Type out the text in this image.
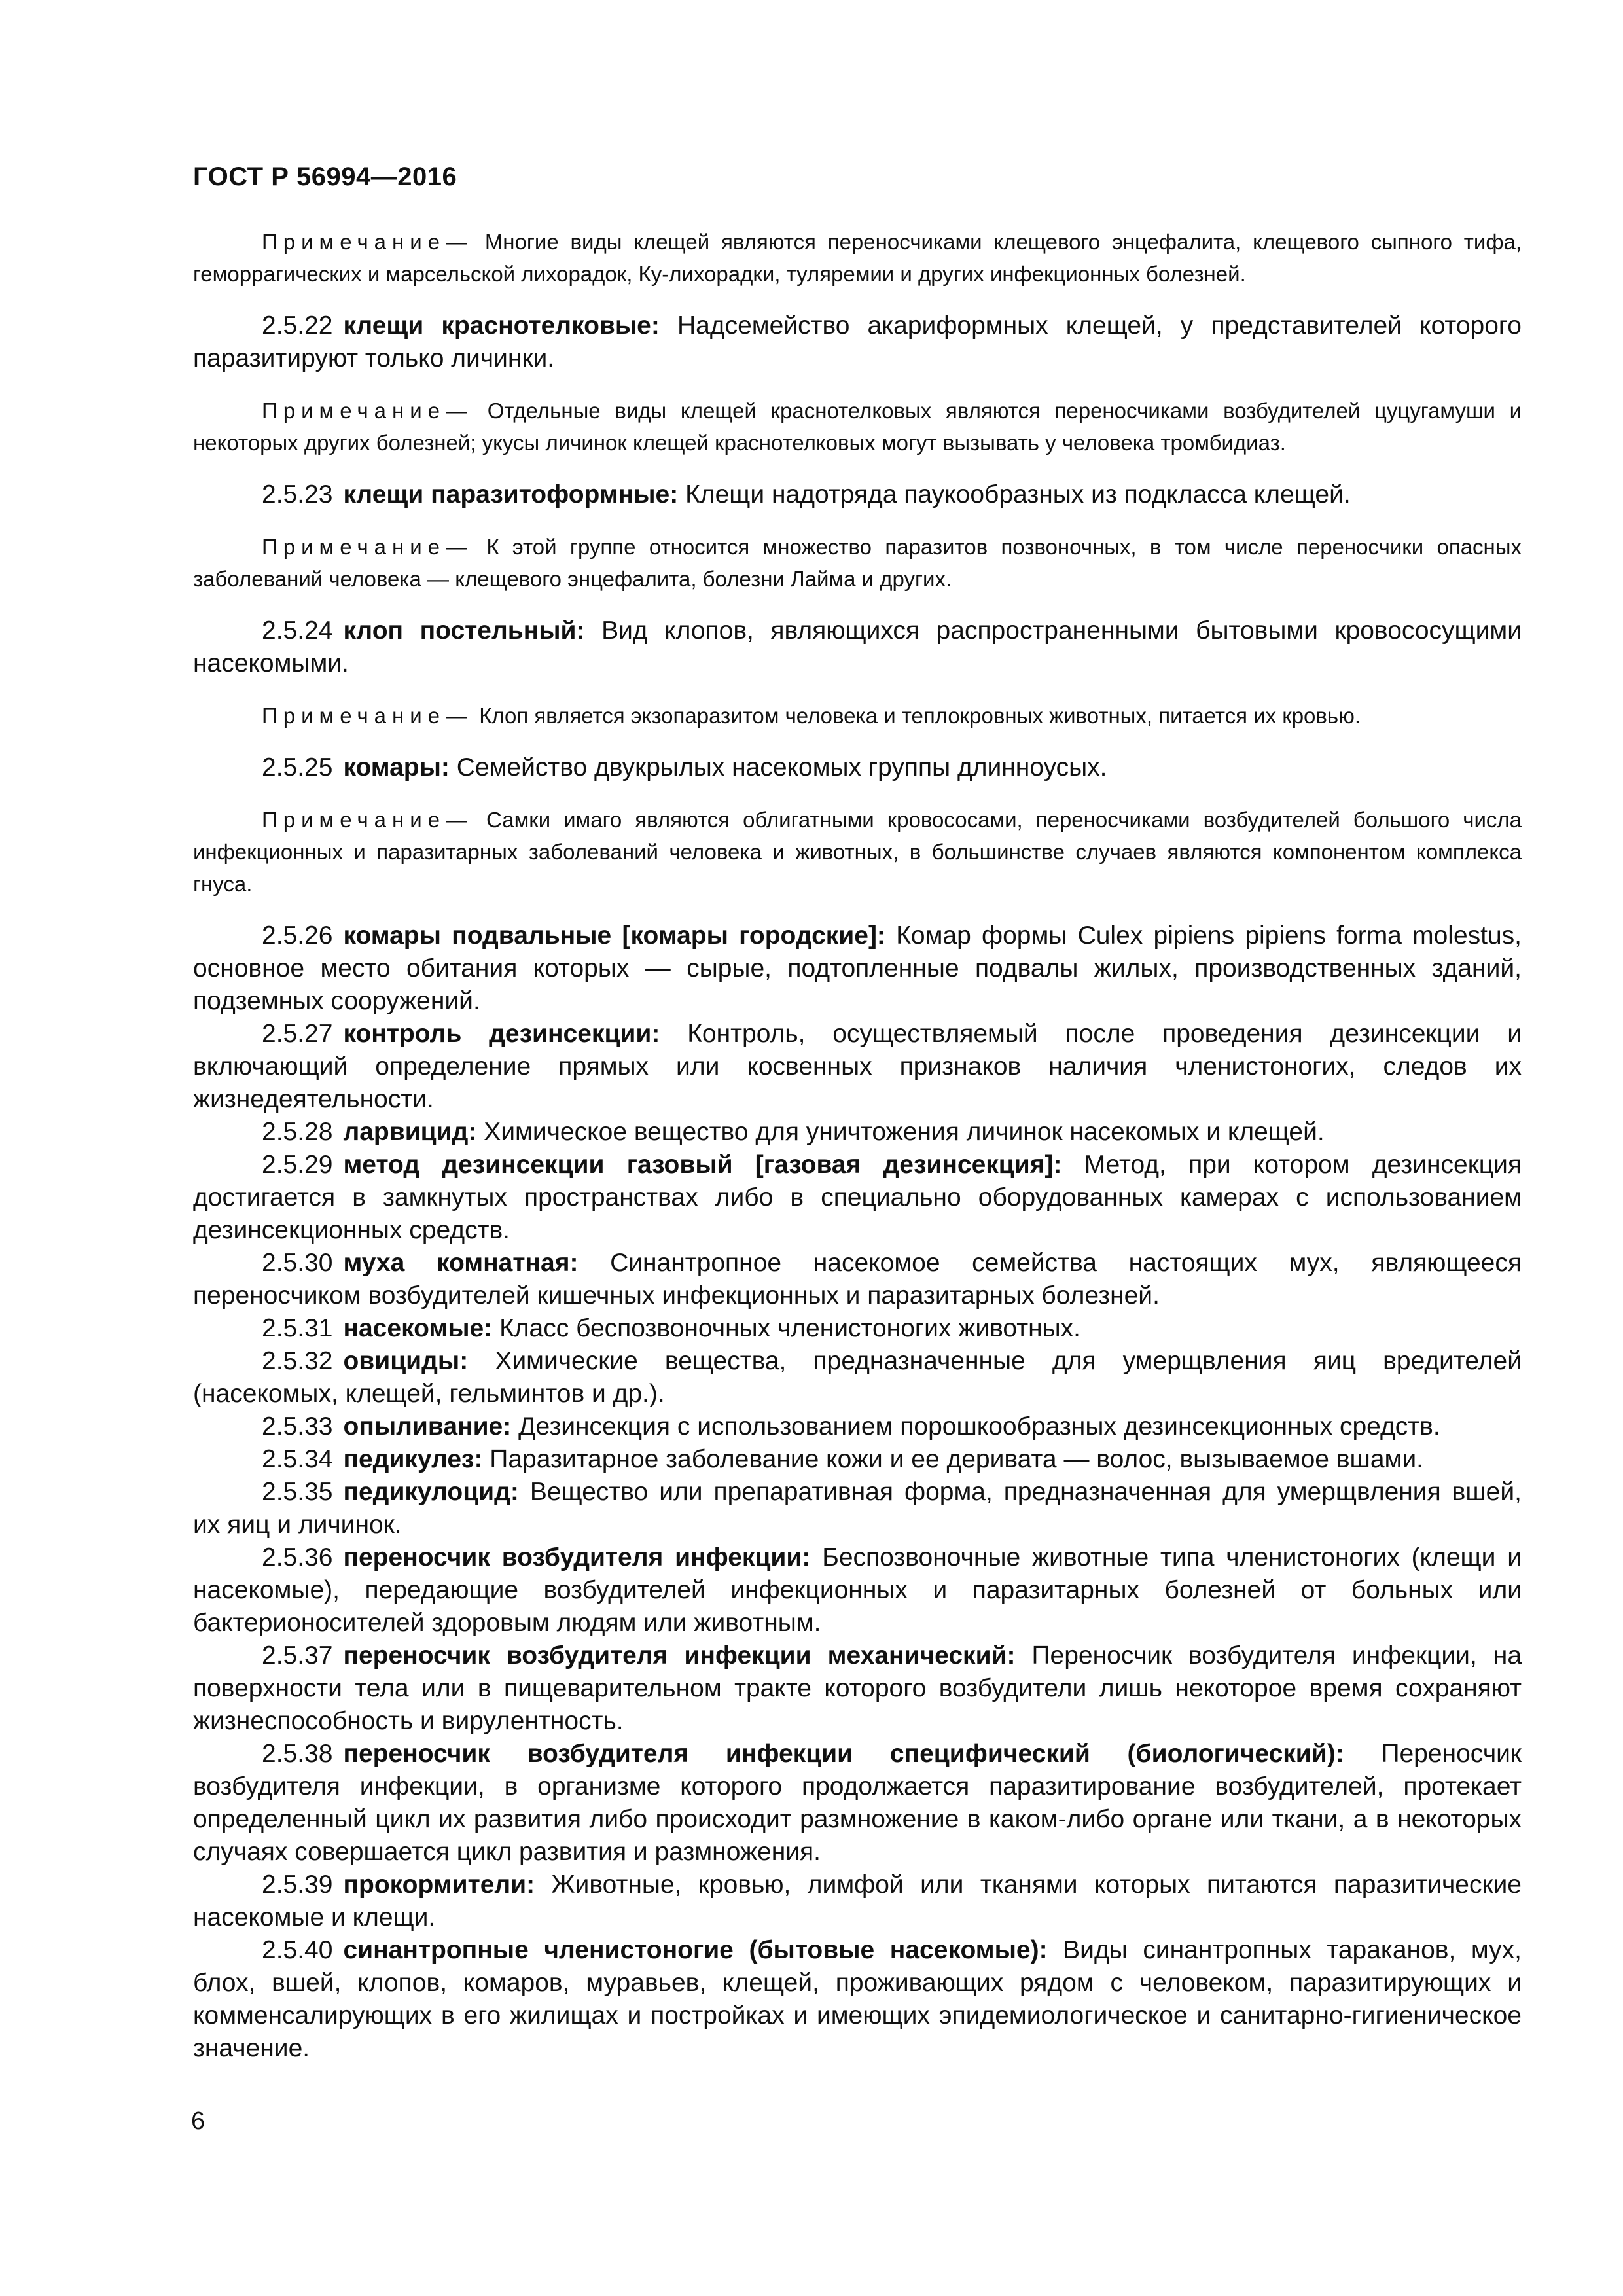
ГОСТ Р 56994—2016

Примечание— Многие виды клещей являются переносчиками клещевого энцефалита, клещевого сыпного тифа, геморрагических и марсельской лихорадок, Ку-лихорадки, туляремии и других инфекционных болезней.

2.5.22 клещи краснотелковые: Надсемейство акариформных клещей, у представителей которого паразитируют только личинки.

Примечание— Отдельные виды клещей краснотелковых являются переносчиками возбудителей цуцугамуши и некоторых других болезней; укусы личинок клещей краснотелковых могут вызывать у человека тромбидиаз.

2.5.23 клещи паразитоформные: Клещи надотряда паукообразных из подкласса клещей.

Примечание— К этой группе относится множество паразитов позвоночных, в том числе переносчики опасных заболеваний человека — клещевого энцефалита, болезни Лайма и других.

2.5.24 клоп постельный: Вид клопов, являющихся распространенными бытовыми кровососущими насекомыми.

Примечание— Клоп является экзопаразитом человека и теплокровных животных, питается их кровью.

2.5.25 комары: Семейство двукрылых насекомых группы длинноусых.

Примечание— Самки имаго являются облигатными кровососами, переносчиками возбудителей большого числа инфекционных и паразитарных заболеваний человека и животных, в большинстве случаев являются компонентом комплекса гнуса.

2.5.26 комары подвальные [комары городские]: Комар формы Culex pipiens pipiens forma molestus, основное место обитания которых — сырые, подтопленные подвалы жилых, производственных зданий, подземных сооружений.

2.5.27 контроль дезинсекции: Контроль, осуществляемый после проведения дезинсекции и включающий определение прямых или косвенных признаков наличия членистоногих, следов их жизнедеятельности.

2.5.28 ларвицид: Химическое вещество для уничтожения личинок насекомых и клещей.

2.5.29 метод дезинсекции газовый [газовая дезинсекция]: Метод, при котором дезинсекция достигается в замкнутых пространствах либо в специально оборудованных камерах с использованием дезинсекционных средств.

2.5.30 муха комнатная: Синантропное насекомое семейства настоящих мух, являющееся переносчиком возбудителей кишечных инфекционных и паразитарных болезней.

2.5.31 насекомые: Класс беспозвоночных членистоногих животных.

2.5.32 овициды: Химические вещества, предназначенные для умерщвления яиц вредителей (насекомых, клещей, гельминтов и др.).

2.5.33 опыливание: Дезинсекция с использованием порошкообразных дезинсекционных средств.

2.5.34 педикулез: Паразитарное заболевание кожи и ее деривата — волос, вызываемое вшами.

2.5.35 педикулоцид: Вещество или препаративная форма, предназначенная для умерщвления вшей, их яиц и личинок.

2.5.36 переносчик возбудителя инфекции: Беспозвоночные животные типа членистоногих (клещи и насекомые), передающие возбудителей инфекционных и паразитарных болезней от больных или бактерионосителей здоровым людям или животным.

2.5.37 переносчик возбудителя инфекции механический: Переносчик возбудителя инфекции, на поверхности тела или в пищеварительном тракте которого возбудители лишь некоторое время сохраняют жизнеспособность и вирулентность.

2.5.38 переносчик возбудителя инфекции специфический (биологический): Переносчик возбудителя инфекции, в организме которого продолжается паразитирование возбудителей, протекает определенный цикл их развития либо происходит размножение в каком-либо органе или ткани, а в некоторых случаях совершается цикл развития и размножения.

2.5.39 прокормители: Животные, кровью, лимфой или тканями которых питаются паразитические насекомые и клещи.

2.5.40 синантропные членистоногие (бытовые насекомые): Виды синантропных тараканов, мух, блох, вшей, клопов, комаров, муравьев, клещей, проживающих рядом с человеком, паразитирующих и комменсалирующих в его жилищах и постройках и имеющих эпидемиологическое и санитарно-гигиеническое значение.

6
